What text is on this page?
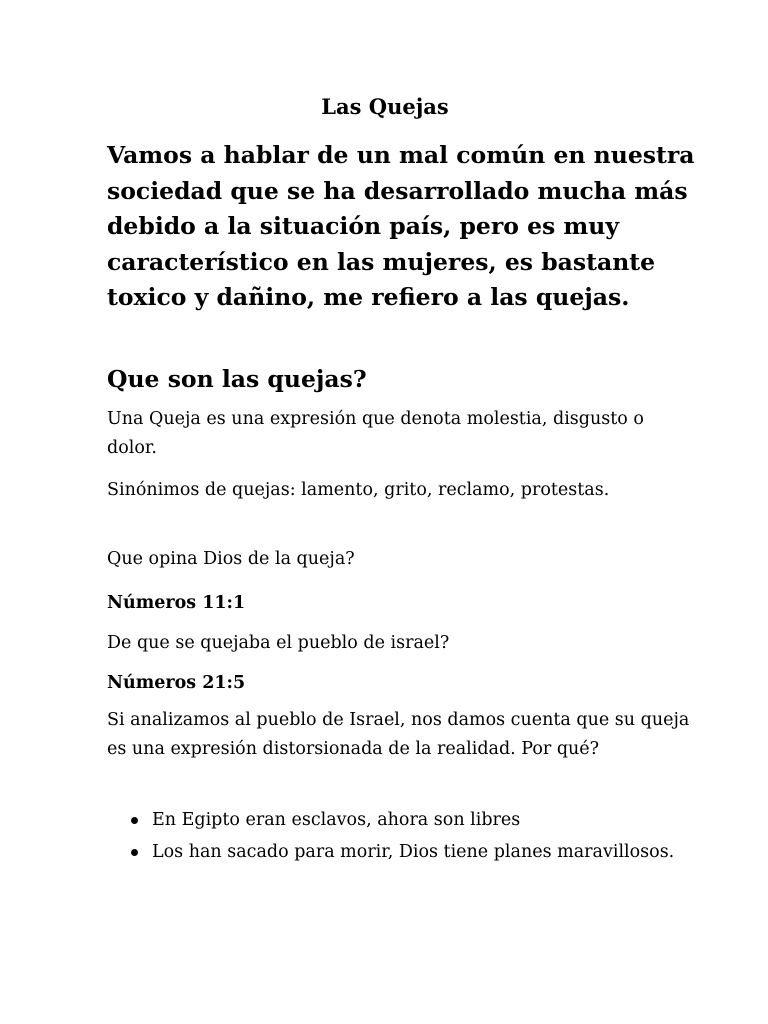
Las Quejas

Vamos a hablar de un mal común en nuestra sociedad que se ha desarrollado mucha más debido a la situación país, pero es muy característico en las mujeres, es bastante toxico y dañino, me refiero a las quejas.

Que son las quejas?

Una Queja es una expresión que denota molestia, disgusto o dolor.

Sinónimos de quejas: lamento, grito, reclamo, protestas.

Que opina Dios de la queja?

Números 11:1

De que se quejaba el pueblo de israel?

Números 21:5

Si analizamos al pueblo de Israel, nos damos cuenta que su queja es una expresión distorsionada de la realidad. Por qué?

En Egipto eran esclavos, ahora son libres
Los han sacado para morir, Dios tiene planes maravillosos.
